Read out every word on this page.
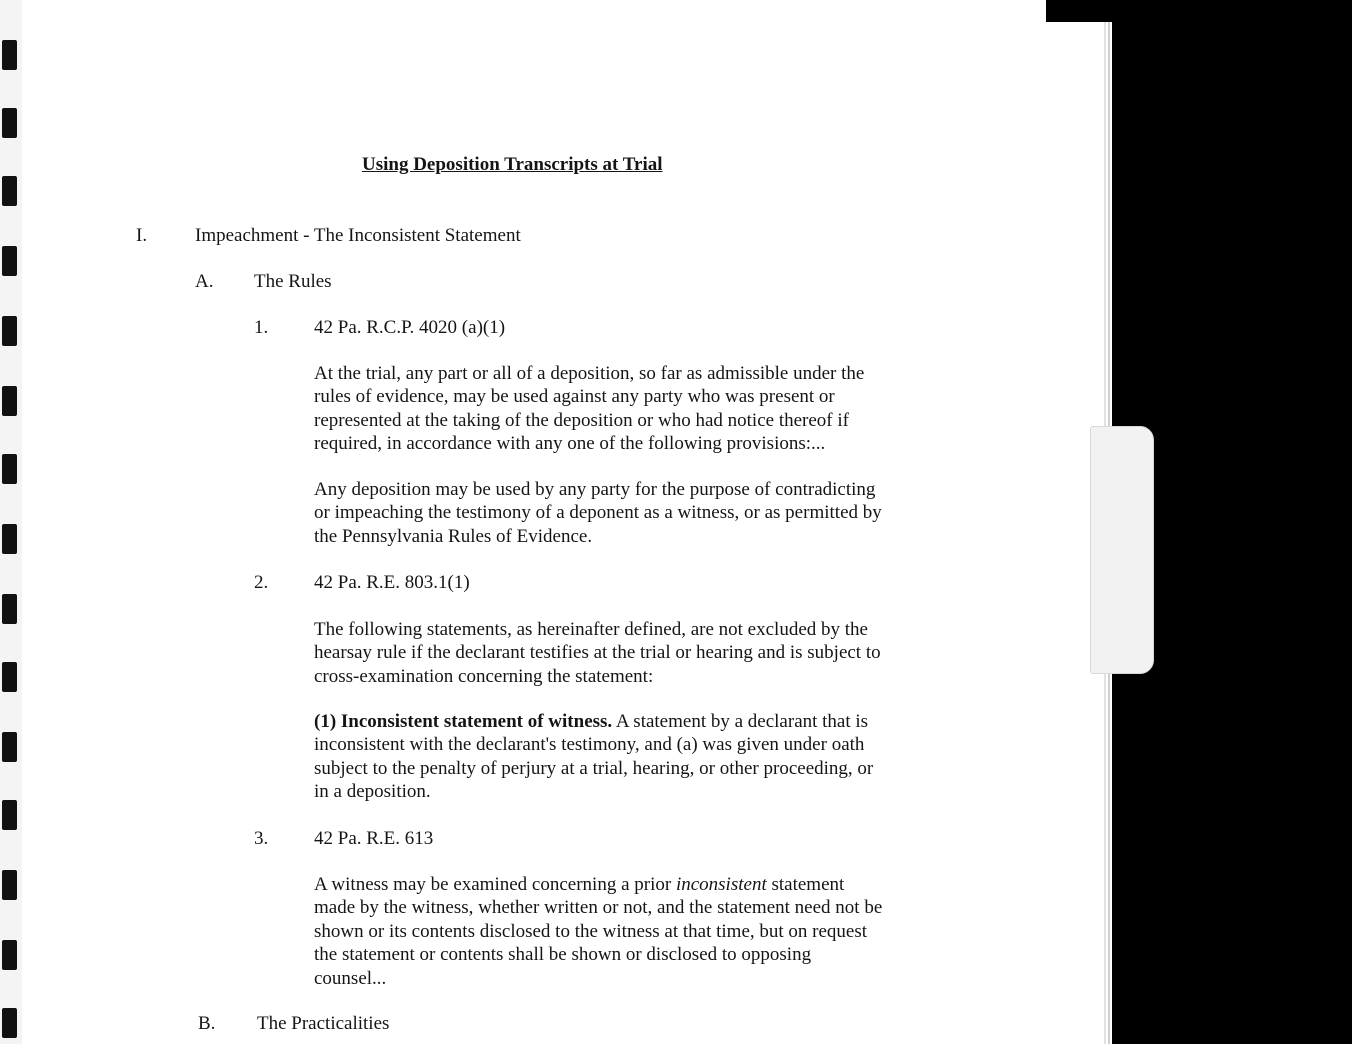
Using Deposition Transcripts at Trial

I.	Impeachment - The Inconsistent Statement

A. The Rules

1. 42 Pa. R.C.P. 4020 (a)(1)

At the trial, any part or all of a deposition, so far as admissible under the
rules of evidence, may be used against any party who was present or
represented at the taking of the deposition or who had notice thereof if
required, in accordance with any one of the following provisions:...
Any deposition may be used by any party for the purpose of contradicting
or impeaching the testimony of a deponent as a witness, or as permitted by
the Pennsylvania Rules of Evidence.

2. 42 Pa. R.E. 803.1(1)

The following statements, as hereinafter defined, are not excluded by the
hearsay rule if the declarant testifies at the trial or hearing and is subject to
cross-examination concerning the statement:
(1) Inconsistent statement of witness. A statement by a declarant that is
inconsistent with the declarant's testimony, and (a) was given under oath
subject to the penalty of perjury at a trial, hearing, or other proceeding, or
in a deposition.

3. 42 Pa. R.E. 613

A witness may be examined concerning a prior inconsistent statement
made by the witness, whether written or not, and the statement need not be
shown or its contents disclosed to the witness at that time, but on request
the statement or contents shall be shown or disclosed to opposing
counsel...

B. The Practicalities
